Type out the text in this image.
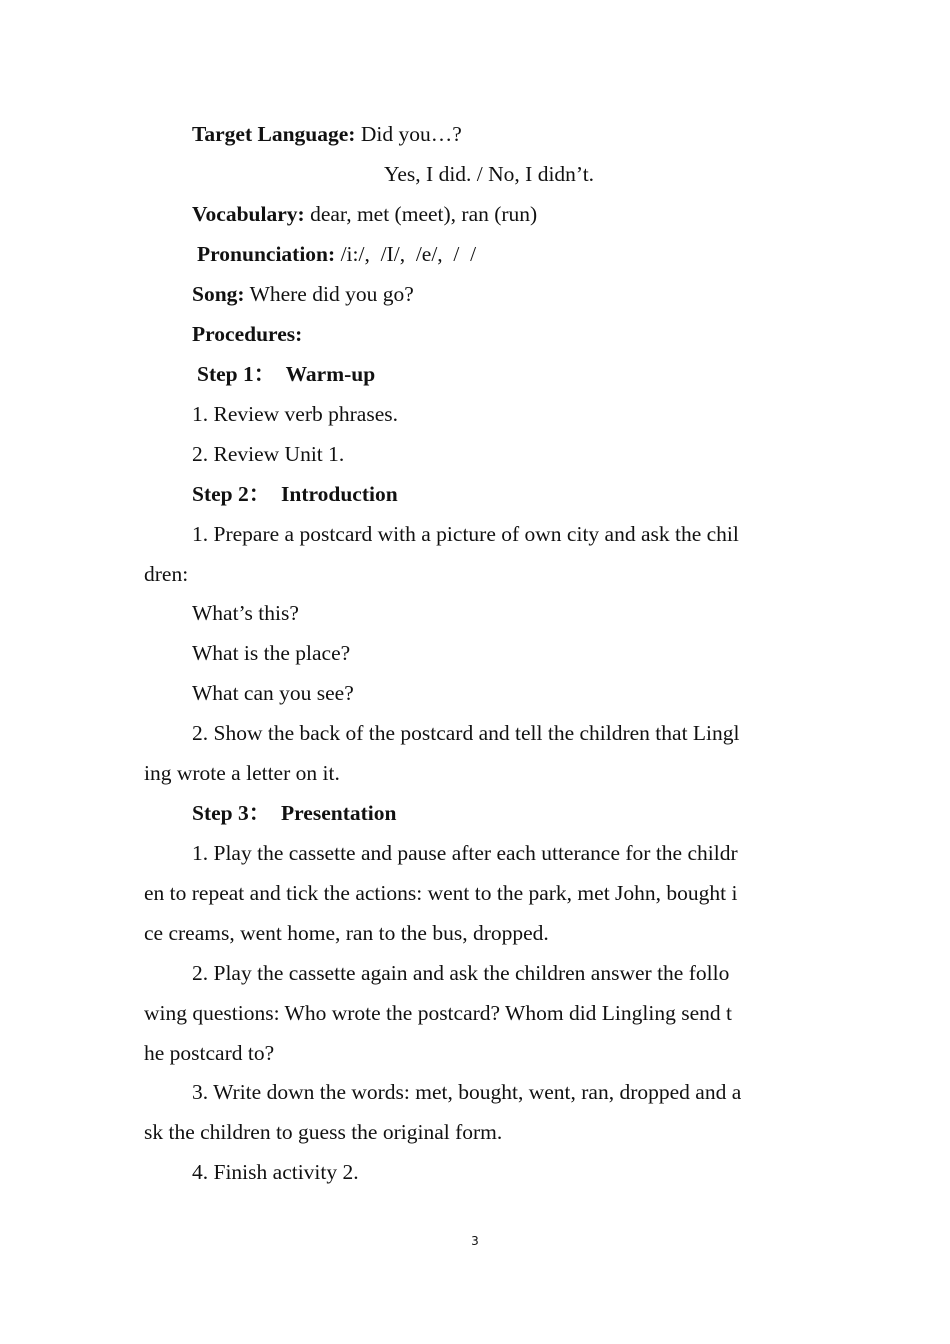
Target Language: Did you…?
Yes, I did. / No, I didn’t.
Vocabulary: dear, met (meet), ran (run)
Pronunciation: /i:/,  /I/,  /e/,  /  /
Song: Where did you go?
Procedures:
Step 1：  Warm-up
1. Review verb phrases.
2. Review Unit 1.
Step 2：  Introduction
1. Prepare a postcard with a picture of own city and ask the chil
dren:
What’s this?
What is the place?
What can you see?
2. Show the back of the postcard and tell the children that Lingl
ing wrote a letter on it.
Step 3：  Presentation
1. Play the cassette and pause after each utterance for the childr
en to repeat and tick the actions: went to the park, met John, bought i
ce creams, went home, ran to the bus, dropped.
2. Play the cassette again and ask the children answer the follo
wing questions: Who wrote the postcard? Whom did Lingling send t
he postcard to?
3. Write down the words: met, bought, went, ran, dropped and a
sk the children to guess the original form.
4. Finish activity 2.
3
